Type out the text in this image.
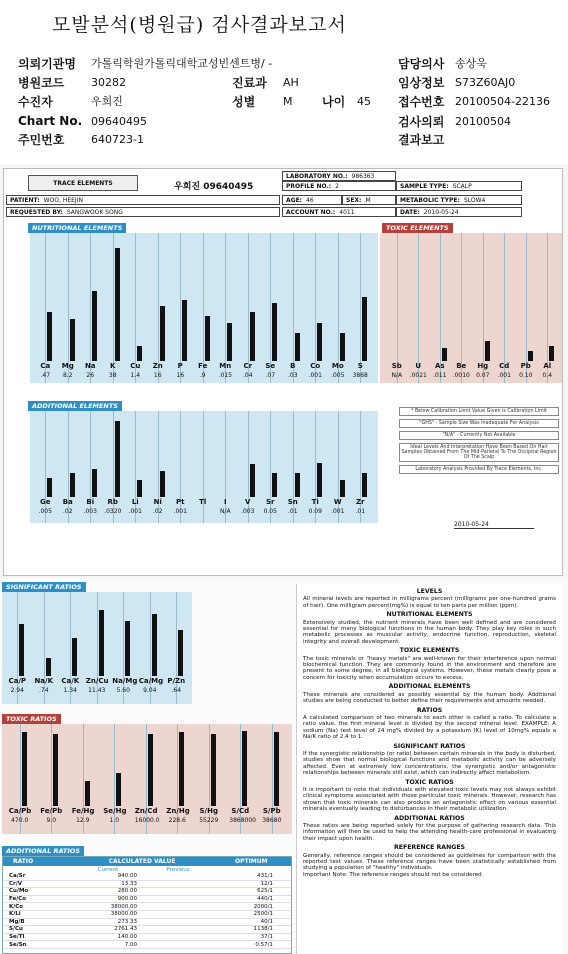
모발분석(병원급) 검사결과보고서
의뢰기관명 가톨릭학원가톨릭대학교성빈센트병/ -	담당의사 송상욱
병원코드 30282	진료과 AH	임상정보 S73Z60AJ0
수진자	우희진	성별	M 나이 45 접수번호 20100504-22136
Chart No. 09640495	검사의뢰 20100504
주민번호 640723-1	결과보고
TRACE ELEMENTS	우희진 09640495
LABORATORY NO.: 986363
PROFILE NO.: 2	SAMPLE TYPE: SCALP
PATIENT: WOO, HEEJIN	AGE: 46	SEX: M	METABOLIC TYPE: SLOW4
REQUESTED BY: SANGWOOK SONG	ACCOUNT NO.: 4011	DATE: 2010-05-24
NUTRITIONAL ELEMENTS
Ca
.47
Mg
8.2
Na
26
K
38
Cu
1.4
Zn
16
P
16
Fe
.9
Mn
.015
Cr
.04
Se
.07
B
.03
Co
.001
Mo
.005
S
3868
TOXIC ELEMENTS
Sb
N/A
U
.0021
As
.011
Be
.0010
Hg
0.07
Cd
.001
Pb
0.10
Al
0.4
ADDITIONAL ELEMENTS
Ge
.005
Ba
.02
Bi
.003
Rb
.0320
Li
.001
Ni
.02
Pt
.001
Tl	I
N/A
V
.003
Sr
0.05
Sn
.01
Ti
0.09
W
.001
Zr
.01
* Below Calibration Limit Value Given is Calibration Limit
"GHS" - Sample Size Was Inadequate For Analysis
"N/A" - Currently Not Available
Ideal Levels And Interpretation Have Been Based On Hair Samples Obtained From The Mid-Parietal To The Occipital Region Of The Scalp
Laboratory Analysis Provided By Trace Elements, Inc.
2010-05-24
SIGNIFICANT RATIOS
Ca/P
2.94
Na/K
.74
Ca/K
1.34
Zn/Cu
11.43
Na/Mg
5.60
Ca/Mg
9.04
P/Zn
.64
TOXIC RATIOS
Ca/Pb
470.0
Fe/Pb
9.0
Fe/Hg
12.9
Se/Hg
1.0
Zn/Cd
16000.0
Zn/Hg
228.6
S/Hg
55229
S/Cd
3868000
S/Pb
38680
ADDITIONAL RATIOS
RATIO	CALCULATED VALUE	OPTIMUM
Current	Previous
Ca/Sr	940.00	431/1
Cr/V	13.33	12/1
Cu/Mo	280.00	625/1
Fe/Co	900.00	440/1
K/Co	38000.00	2000/1
K/Li	38000.00	2500/1
Mg/B	273.33	40/1
S/Cu	2761.43	1138/1
Se/Tl	140.00	37/1
Se/Sn	7.00	0.57/1
LEVELS

All mineral levels are reported in milligrams percent (milligrams per one-hundred grams of hair). One milligram percent(mg%) is equal to ten parts per million (ppm).

NUTRITIONAL ELEMENTS

Extensively studied, the nutrient minerals have been well defined and are considered essential for many biological functions in the human body. They play key roles in such metabolic processes as muscular activity, endocrine function, reproduction, skeletal integrity and overall development.

TOXIC ELEMENTS

The toxic minerals or "heavy metals" are well-known for their interference upon normal biochemical function. They are commonly found in the environment and therefore are present to some degree, in all biological systems. However, these metals clearly pose a concern for toxicity when accumulation occurs to excess.

ADDITIONAL ELEMENTS

These minerals are considered as possibly essential by the human body. Additional studies are being conducted to better define their requirements and amounts needed.

RATIOS

A calculated comparison of two minerals to each other is called a ratio. To calculate a ratio value, the first mineral level is divided by the second mineral level. EXAMPLE: A sodium (Na) test level of 24 mg% divided by a potassium (K) level of 10mg% equals a Na/K ratio of 2.4 to 1.

SIGNIFICANT RATIOS

If the synergistic relationship (or ratio) between certain minerals in the body is disturbed, studies show that normal biological functions and metabolic activity can be adversely affected. Even at extremely low concentrations, the synergistic and/or antagonistic relationships between minerals still exist, which can indirectly affect metabolism.

TOXIC RATIOS

It is important to note that individuals with elevated toxic levels may not always exhibit clinical symptoms associated with those particular toxic minerals. However, research has shown that toxic minerals can also produce an antagonistic effect on various essential minerals eventually leading to disturbances in their metabolic utilization.

ADDITIONAL RATIOS

These ratios are being reported solely for the purpose of gathering research data. This information will then be used to help the attending health-care professional in evaluating their impact upon health.

REFERENCE RANGES

Generally, reference ranges should be considered as guidelines for comparison with the reported test values. These reference ranges have been statistically established from studying a population of "healthy" individuals.

Important Note: The reference ranges should not be considered
